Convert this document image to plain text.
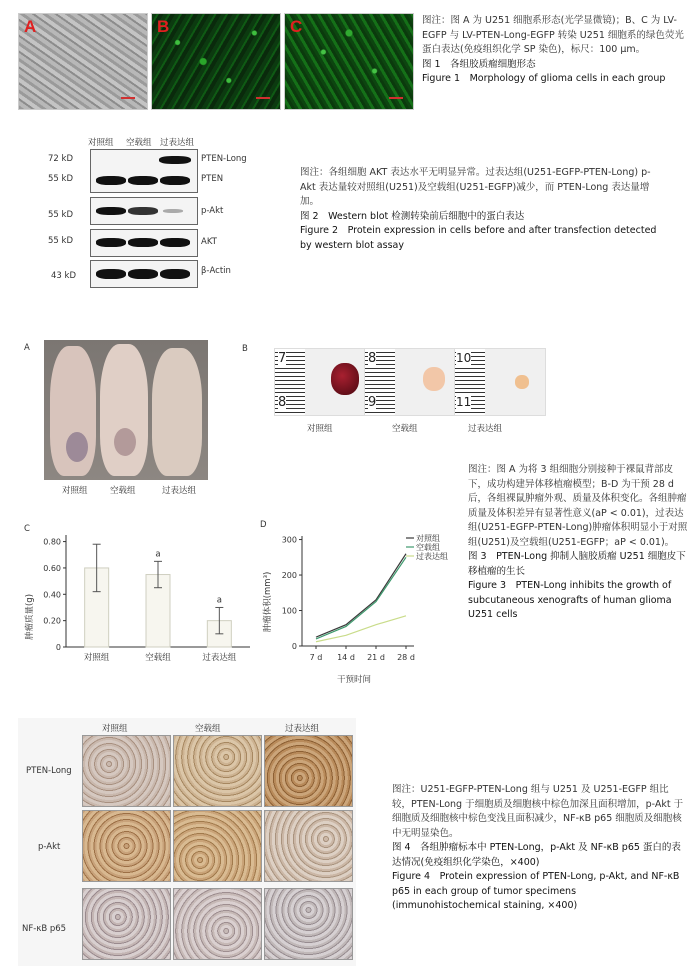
A	B	C	图注：图 A 为 U251 细胞系形态(光学显微镜)；B、C 为 LV-EGFP 与 LV-PTEN-Long-EGFP 转染 U251 细胞系的绿色荧光蛋白表达(免疫组织化学 SP 染色)，标尺：100 μm。
图 1　各组胶质瘤细胞形态
Figure 1　Morphology of glioma cells in each group
对照组 空载组 过表达组
72 kD
55 kD
55 kD
55 kD
43 kD
PTEN-Long
PTEN
p-Akt
AKT
β-Actin
图注：各组细胞 AKT 表达水平无明显异常。过表达组(U251-EGFP-PTEN-Long) p-Akt 表达量较对照组(U251)及空载组(U251-EGFP)减少，而 PTEN-Long 表达量增加。
图 2　Western blot 检测转染前后细胞中的蛋白表达
Figure 2　Protein expression in cells before and after transfection detected by western blot assay
A
对照组	空载组	过表达组
B
7
8
8
9
10
11
对照组	空载组	过表达组
C
肿瘤质量(g)
0
0.20
0.40
0.60
0.80
对照组
a
空载组
a
过表达组
D
肿瘤体积(mm³)
干预时间
0
100
200
300
7 d 14 d 21 d 28 d
对照组
空载组
过表达组
图注：图 A 为将 3 组细胞分别接种于裸鼠背部皮下，成功构建异体移植瘤模型；B-D 为干预 28 d 后，各组裸鼠肿瘤外观、质量及体积变化。各组肿瘤质量及体积差异有显著性意义(aP < 0.01)，过表达组(U251-EGFP-PTEN-Long)肿瘤体积明显小于对照组(U251)及空载组(U251-EGFP；aP < 0.01)。
图 3　PTEN-Long 抑制人脑胶质瘤 U251 细胞皮下移植瘤的生长
Figure 3　PTEN-Long inhibits the growth of subcutaneous xenografts of human glioma U251 cells
对照组	空载组	过表达组
PTEN-Long
p-Akt
NF-κB p65
图注：U251-EGFP-PTEN-Long 组与 U251 及 U251-EGFP 组比较，PTEN-Long 于细胞质及细胞核中棕色加深且面积增加，p-Akt 于细胞质及细胞核中棕色变浅且面积减少，NF-κB p65 细胞质及细胞核中无明显染色。
图 4　各组肿瘤标本中 PTEN-Long，p-Akt 及 NF-κB p65 蛋白的表达情况(免疫组织化学染色，×400)
Figure 4　Protein expression of PTEN-Long, p-Akt, and NF-κB p65 in each group of tumor specimens (immunohistochemical staining, ×400)
